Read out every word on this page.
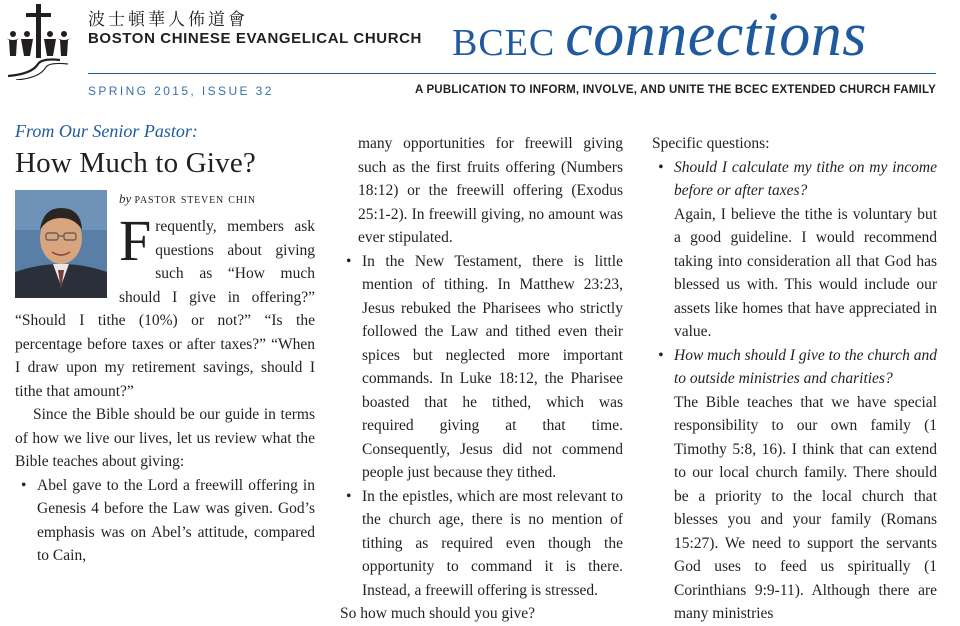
波士頓華人佈道會
BOSTON CHINESE EVANGELICAL CHURCH BCEC connections
SPRING 2015, ISSUE 32	A PUBLICATION TO INFORM, INVOLVE, AND UNITE THE BCEC EXTENDED CHURCH FAMILY
From Our Senior Pastor:
How Much to Give?
by pastor steven chin

Frequently, members ask questions about giving such as “How much should I give in offering?” “Should I tithe (10%) or not?” “Is the percentage before taxes or after taxes?” “When I draw upon my retirement savings, should I tithe that amount?”

Since the Bible should be our guide in terms of how we live our lives, let us review what the Bible teaches about giving:

• Abel gave to the Lord a freewill offering in Genesis 4 before the Law was given. God’s emphasis was on Abel’s attitude, compared to Cain,

many opportunities for freewill giving such as the first fruits offering (Numbers 18:12) or the freewill offering (Exodus 25:1-2). In freewill giving, no amount was ever stipulated.

• In the New Testament, there is little mention of tithing. In Matthew 23:23, Jesus rebuked the Pharisees who strictly followed the Law and tithed even their spices but neglected more important commands. In Luke 18:12, the Pharisee boasted that he tithed, which was required giving at that time. Consequently, Jesus did not commend people just because they tithed.
• In the epistles, which are most relevant to the church age, there is no mention of tithing as required even though the opportunity to command it is there. Instead, a freewill offering is stressed.

So how much should you give?

Specific questions:

• Should I calculate my tithe on my income before or after taxes?

Again, I believe the tithe is voluntary but a good guideline. I would recommend taking into consideration all that God has blessed us with. This would include our assets like homes that have appreciated in value.

• How much should I give to the church and to outside ministries and charities?

The Bible teaches that we have special responsibility to our own family (1 Timothy 5:8, 16). I think that can extend to our local church family. There should be a priority to the local church that blesses you and your family (Romans 15:27). We need to support the servants God uses to feed us spiritually (1 Corinthians 9:9-11). Although there are many ministries
